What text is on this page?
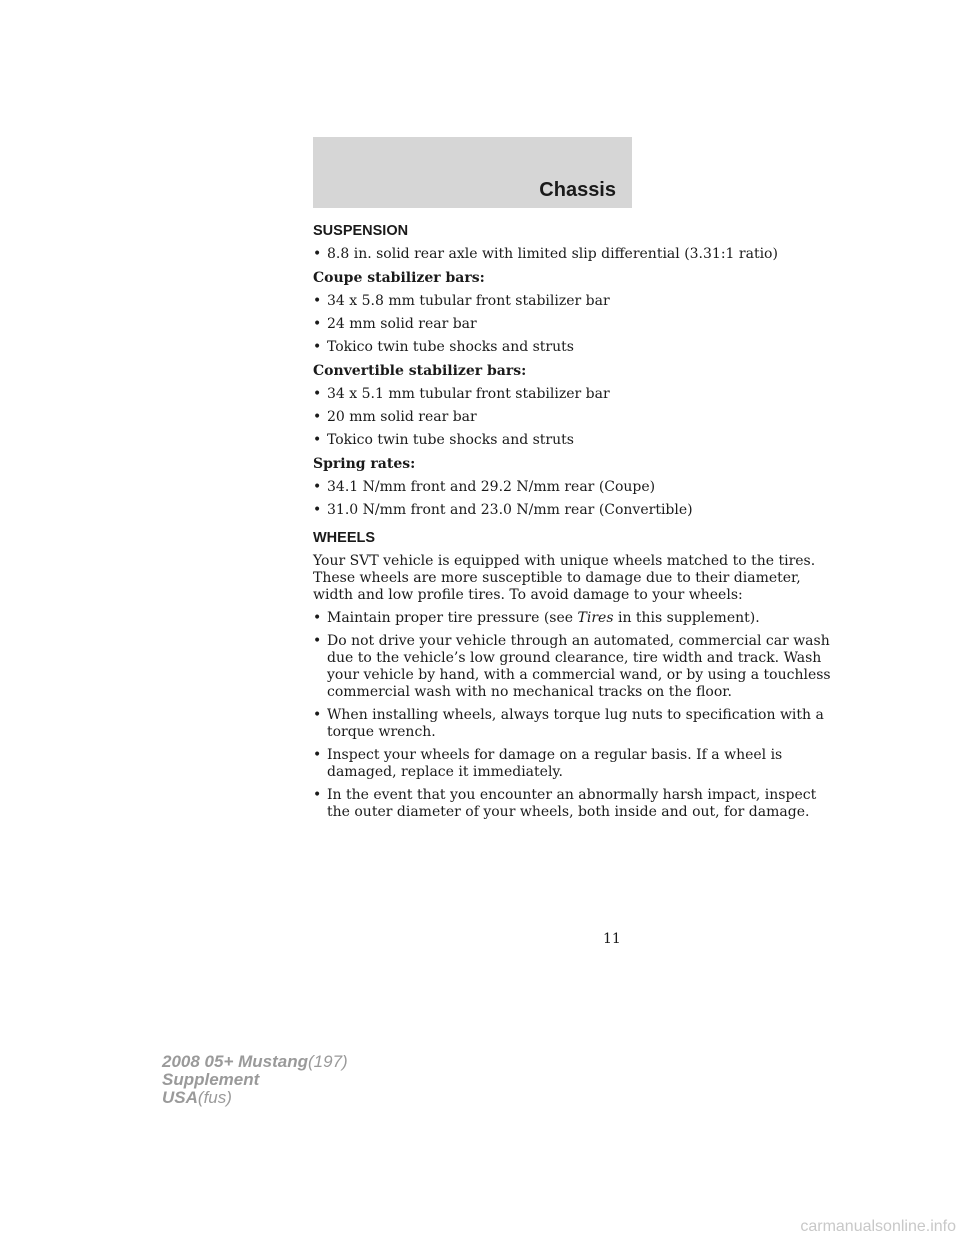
Chassis
SUSPENSION
• 8.8 in. solid rear axle with limited slip differential (3.31:1 ratio)
Coupe stabilizer bars:
• 34 x 5.8 mm tubular front stabilizer bar
• 24 mm solid rear bar
• Tokico twin tube shocks and struts
Convertible stabilizer bars:
• 34 x 5.1 mm tubular front stabilizer bar
• 20 mm solid rear bar
• Tokico twin tube shocks and struts
Spring rates:
• 34.1 N/mm front and 29.2 N/mm rear (Coupe)
• 31.0 N/mm front and 23.0 N/mm rear (Convertible)
WHEELS
Your SVT vehicle is equipped with unique wheels matched to the tires.
These wheels are more susceptible to damage due to their diameter,
width and low profile tires. To avoid damage to your wheels:
• Maintain proper tire pressure (see Tires in this supplement).
• Do not drive your vehicle through an automated, commercial car wash
due to the vehicle’s low ground clearance, tire width and track. Wash
your vehicle by hand, with a commercial wand, or by using a touchless
commercial wash with no mechanical tracks on the floor.
• When installing wheels, always torque lug nuts to specification with a
torque wrench.
• Inspect your wheels for damage on a regular basis. If a wheel is
damaged, replace it immediately.
• In the event that you encounter an abnormally harsh impact, inspect
the outer diameter of your wheels, both inside and out, for damage.
11
2008 05+ Mustang(197)
Supplement
USA(fus)
carmanualsonline.info
